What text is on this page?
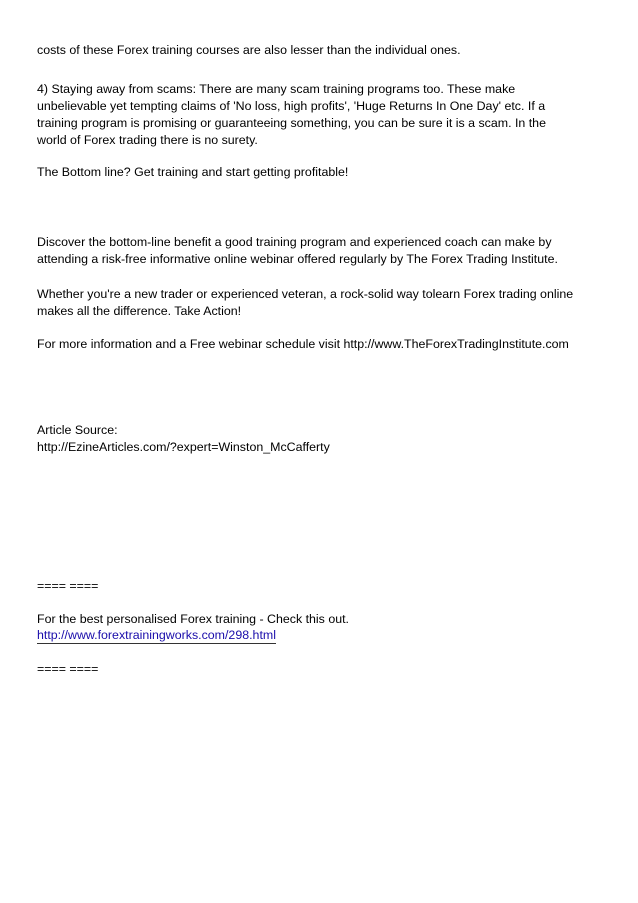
costs of these Forex training courses are also lesser than the individual ones.
4) Staying away from scams: There are many scam training programs too. These make
unbelievable yet tempting claims of 'No loss, high profits', 'Huge Returns In One Day' etc. If a
training program is promising or guaranteeing something, you can be sure it is a scam. In the
world of Forex trading there is no surety.
The Bottom line? Get training and start getting profitable!
Discover the bottom-line benefit a good training program and experienced coach can make by
attending a risk-free informative online webinar offered regularly by The Forex Trading Institute.
Whether you're a new trader or experienced veteran, a rock-solid way tolearn Forex trading online
makes all the difference. Take Action!
For more information and a Free webinar schedule visit http://www.TheForexTradingInstitute.com
Article Source:
http://EzineArticles.com/?expert=Winston_McCafferty
==== ====
For the best personalised Forex training - Check this out.
http://www.forextrainingworks.com/298.html
==== ====
